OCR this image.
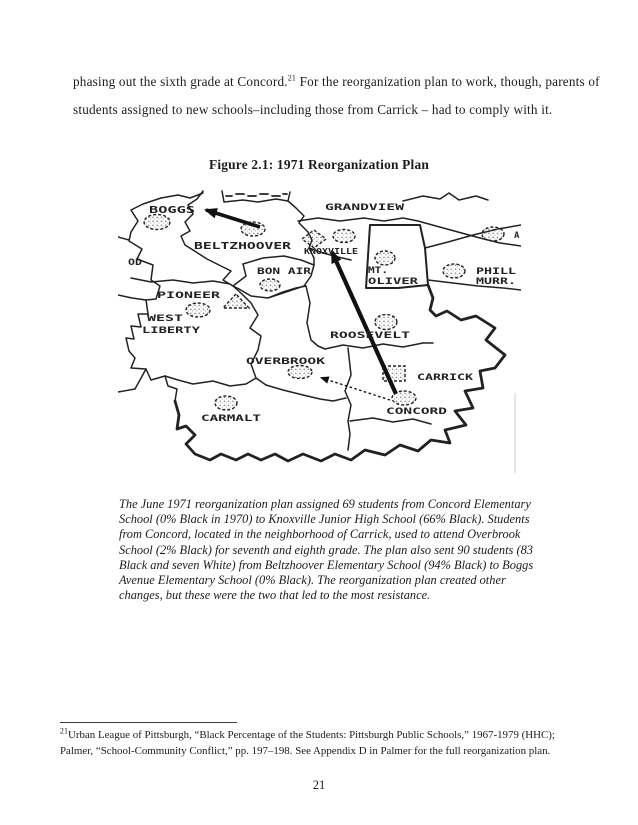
phasing out the sixth grade at Concord.$^{21}$ For the reorganization plan to work, though, parents of

students assigned to new schools–including those from Carrick – had to comply with it.

Figure 2.1: 1971 Reorganization Plan
BOGGS	GRANDVIEW
BELTZHOOVER KNOXVILLE
MT.
OLIVER
PHILL
MURR.
BON AIR
PIONEER
WEST
LIBERTY	ROOSEVELT
OVERBROOK
CARRICK
CONCORD
CARMALT
OD
A
The June 1971 reorganization plan assigned 69 students from Concord Elementary
School (0% Black in 1970) to Knoxville Junior High School (66% Black). Students
from Concord, located in the neighborhood of Carrick, used to attend Overbrook
School (2% Black) for seventh and eighth grade. The plan also sent 90 students (83
Black and seven White) from Beltzhoover Elementary School (94% Black) to Boggs
Avenue Elementary School (0% Black). The reorganization plan created other
changes, but these were the two that led to the most resistance.
$^{21}$Urban League of Pittsburgh, “Black Percentage of the Students: Pittsburgh Public Schools,” 1967-1979 (HHC);
Palmer, “School-Community Conflict,” pp. 197–198. See Appendix D in Palmer for the full reorganization plan.
21
